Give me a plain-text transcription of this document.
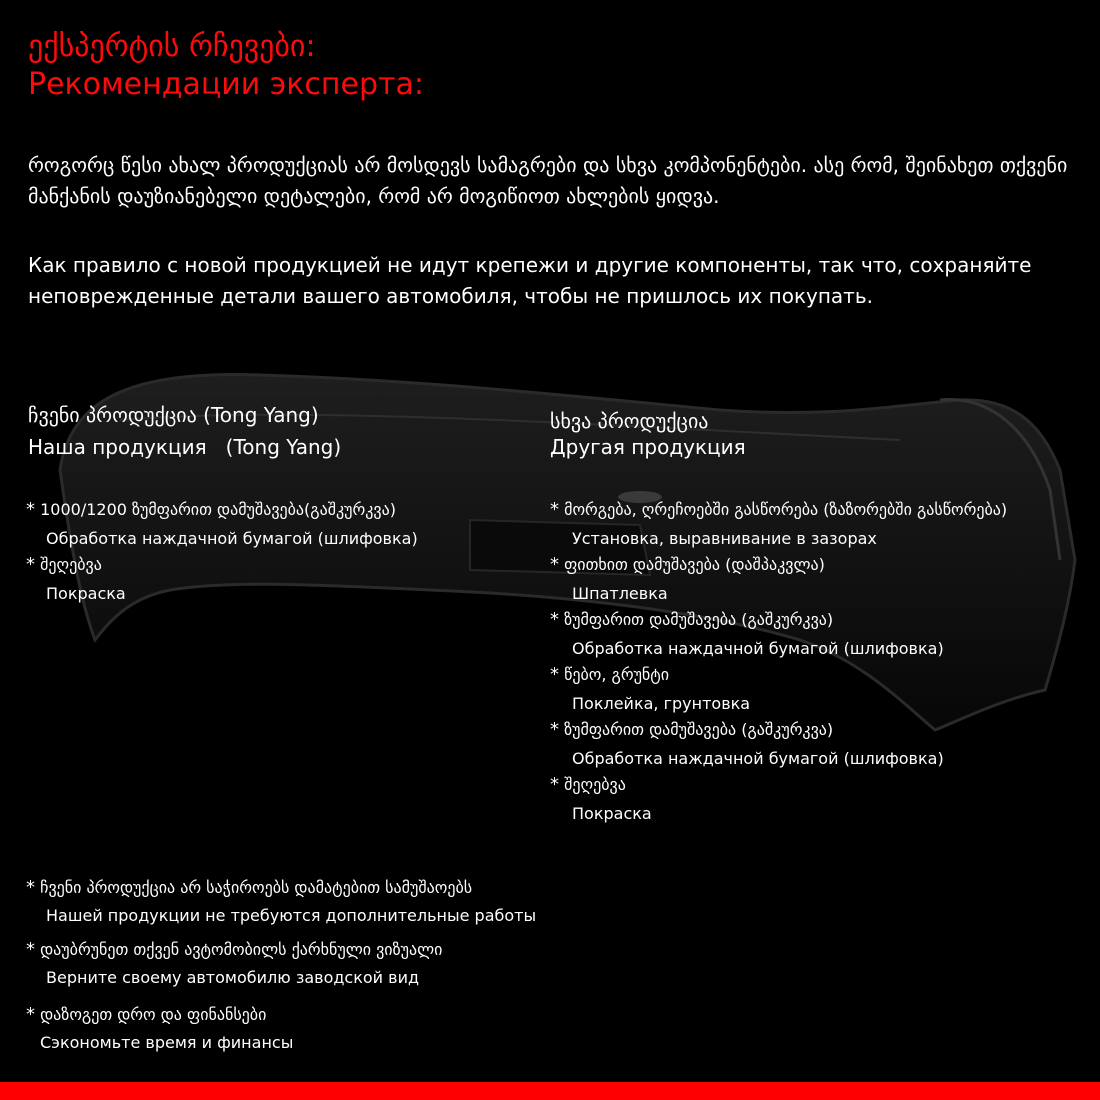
ექსპერტის რჩევები:
Рекомендации эксперта:
როგორც წესი ახალ პროდუქციას არ მოსდევს სამაგრები და სხვა კომპონენტები. ასე რომ, შეინახეთ თქვენი მანქანის დაუზიანებელი დეტალები, რომ არ მოგიწიოთ ახლების ყიდვა.
Как правило с новой продукцией не идут крепежи и другие компоненты, так что, сохраняйте неповрежденные детали вашего автомобиля, чтобы не пришлось их покупать.
ჩვენი პროდუქცია (Tong Yang)
Наша продукция   (Tong Yang)
* 1000/1200 ზუმფარით დამუშავება(გაშკურკვა)
Обработка наждачной бумагой (шлифовка)
* შეღებვა
Покраска
სხვა პროდუქცია
Другая продукция
* მორგება, ღრეჩოებში გასწორება (ზაზორებში გასწორება)
Установка, выравнивание в зазорах
* ფითხით დამუშავება (დაშპაკვლა)
Шпатлевка
* ზუმფარით დამუშავება (გაშკურკვა)
Обработка наждачной бумагой (шлифовка)
* წებო, გრუნტი
Поклейка, грунтовка
* ზუმფარით დამუშავება (გაშკურკვა)
Обработка наждачной бумагой (шлифовка)
* შეღებვა
Покраска
* ჩვენი პროდუქცია არ საჭიროებს დამატებით სამუშაოებს
Нашей продукции не требуются дополнительные работы
* დაუბრუნეთ თქვენ ავტომობილს ქარხნული ვიზუალი
Верните своему автомобилю заводской вид
* დაზოგეთ დრო და ფინანსები
Сэкономьте время и финансы
